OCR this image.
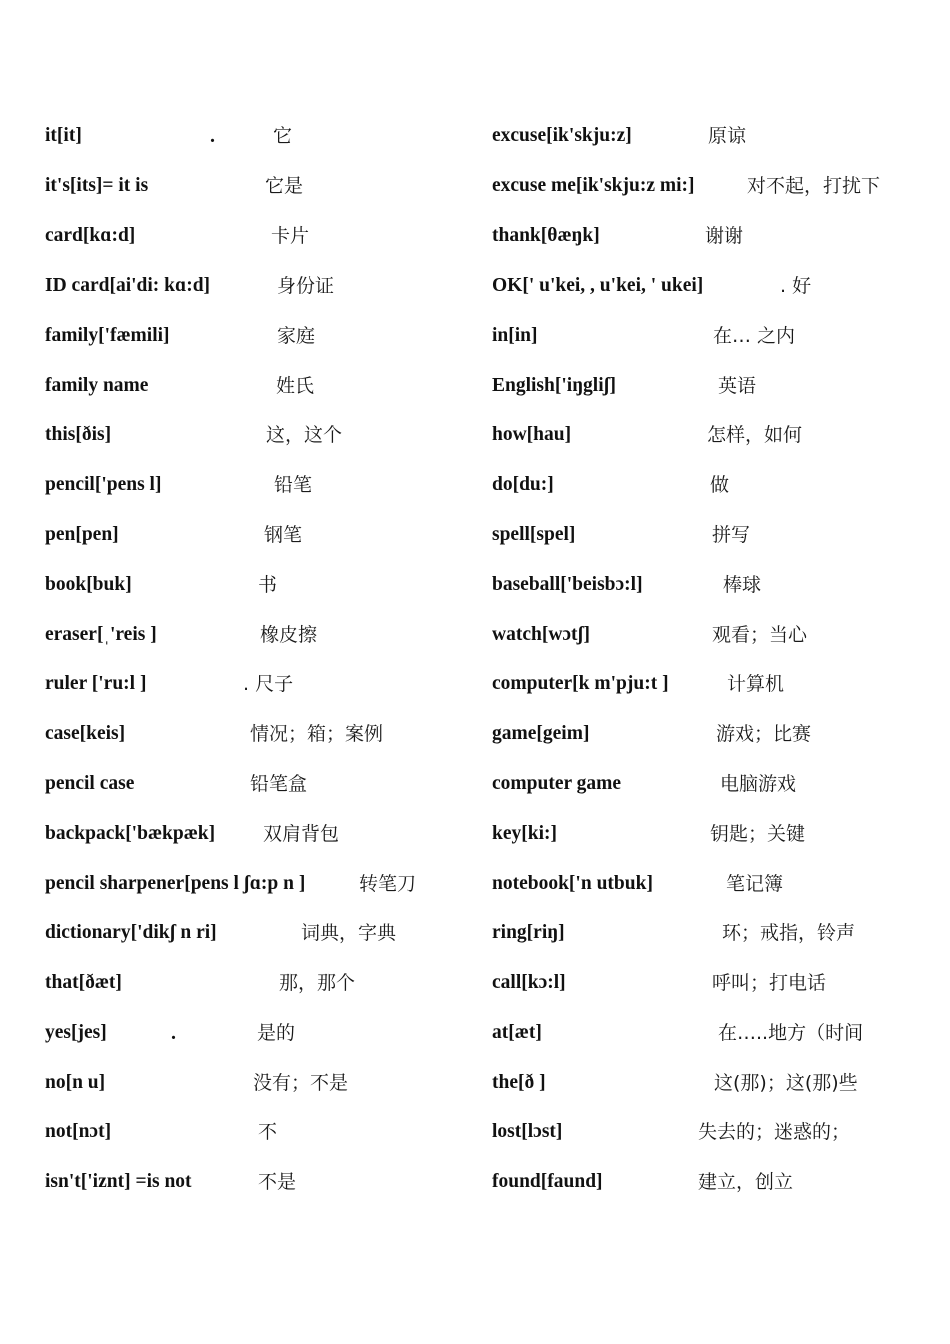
it[it]	.	它
it's[its]= it is	它是
card[kɑ:d]	卡片
ID card[ai'di: kɑ:d]	身份证
family['fæmili]	家庭
family name	姓氏
this[ðis]	这，这个
pencil['pens l]	铅笔
pen[pen]	钢笔
book[buk]	书
eraser[ˌ'reis ]	橡皮擦
ruler ['ru:l ]	. 尺子
case[keis]	情况；箱；案例
pencil case	铅笔盒
backpack['bækpæk]	双肩背包
pencil sharpener[pens l ʃɑ:p n ]	转笔刀
dictionary['dikʃ n ri]	词典，字典
that[ðæt]	那，那个
yes[jes]	.	是的
no[n u]	没有；不是
not[nɔt]	不
isn't['iznt] =is not	不是
excuse[ik'skju:z]	原谅
excuse me[ik'skju:z mi:]	对不起，打扰下
thank[θæŋk]	谢谢
OK[' u'kei, , u'kei, ' ukei]	. 好
in[in]	在… 之内
English['iŋgliʃ]	英语
how[hau]	怎样，如何
do[du:]	做
spell[spel]	拼写
baseball['beisbɔ:l]	棒球
watch[wɔtʃ]	观看；当心
computer[k m'pju:t ]	计算机
game[geim]	游戏；比赛
computer game	电脑游戏
key[ki:]	钥匙；关键
notebook['n utbuk]	笔记簿
ring[riŋ]	环；戒指，铃声
call[kɔ:l]	呼叫；打电话
at[æt]	在…..地方（时间
the[ð ]	这(那)；这(那)些
lost[lɔst]	失去的；迷惑的；
found[faund]	建立，创立
